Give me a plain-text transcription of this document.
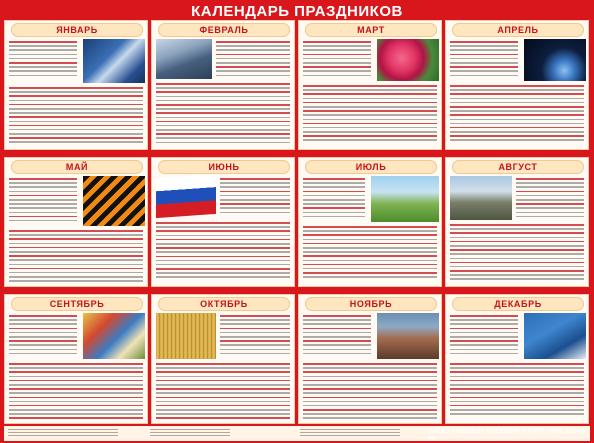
КАЛЕНДАРЬ ПРАЗДНИКОВ
ЯНВАРЬ	ФЕВРАЛЬ	МАРТ	АПРЕЛЬ
МАЙ	ИЮНЬ	ИЮЛЬ	АВГУСТ
СЕНТЯБРЬ	ОКТЯБРЬ	НОЯБРЬ	ДЕКАБРЬ
ЗАКАЗ УЧЕБНЫХ ПОСОБИЙ И КАРТ: (495) 333-05-88
